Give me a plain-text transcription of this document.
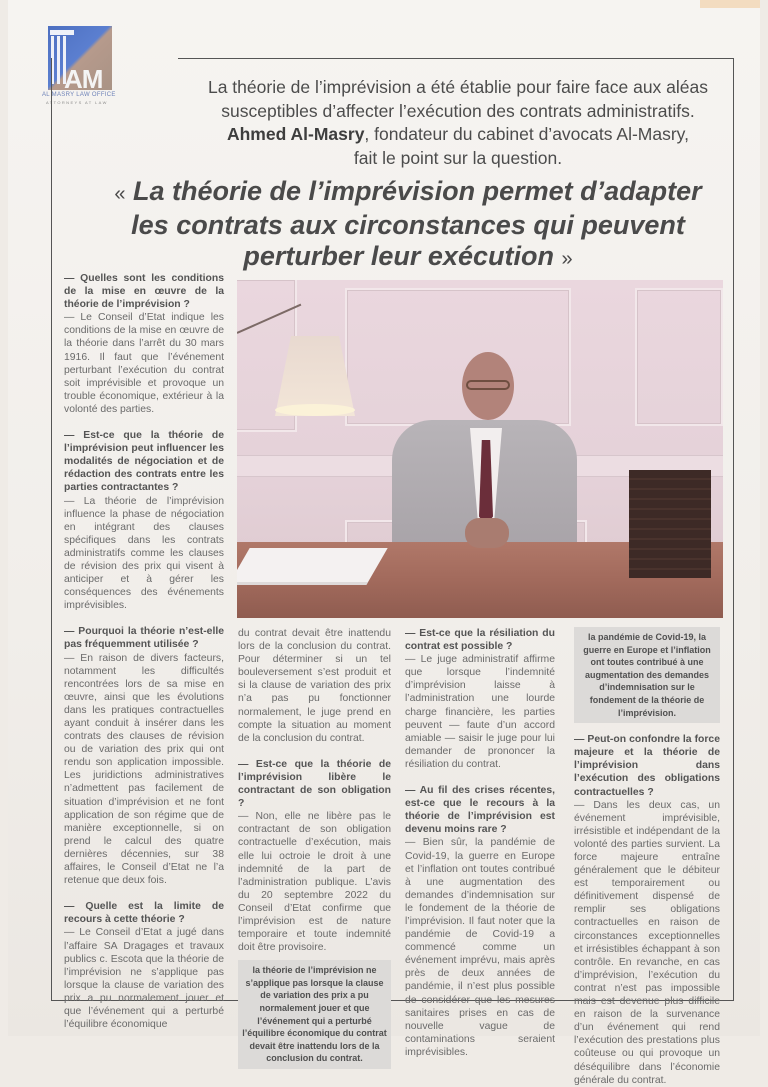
AM
AL MASRY LAW OFFICE
ATTORNEYS AT LAW
La théorie de l’imprévision a été établie pour faire face aux aléas
susceptibles d’affecter l’exécution des contrats administratifs.
Ahmed Al-Masry, fondateur du cabinet d’avocats Al-Masry,
fait le point sur la question.
« La théorie de l’imprévision permet d’adapter
les contrats aux circonstances qui peuvent
perturber leur exécution »

— Quelles sont les conditions de la mise en œuvre de la théorie de l’imprévision ?

— Le Conseil d’Etat indique les conditions de la mise en œuvre de la théorie dans l’arrêt du 30 mars 1916. Il faut que l’événement perturbant l’exécution du contrat soit imprévisible et provoque un trouble économique, extérieur à la volonté des parties.

— Est-ce que la théorie de l’imprévision peut influencer les modalités de négociation et de rédaction des contrats entre les parties contractantes ?

— La théorie de l’imprévision influence la phase de négociation en intégrant des clauses spécifiques dans les contrats administratifs comme les clauses de révision des prix qui visent à anticiper et à gérer les conséquences des événements imprévisibles.

— Pourquoi la théorie n’est-elle pas fréquemment utilisée ?

— En raison de divers facteurs, notamment les difficultés rencontrées lors de sa mise en œuvre, ainsi que les évolutions dans les pratiques contractuelles ayant conduit à insérer dans les contrats des clauses de révision ou de variation des prix qui ont rendu son application impossible. Les juridictions administratives n’admettent pas facilement de situation d’imprévision et ne font application de son régime que de manière exceptionnelle, si on prend le calcul des quatre dernières décennies, sur 38 affaires, le Conseil d’Etat ne l’a retenue que deux fois.

— Quelle est la limite de recours à cette théorie ?

— Le Conseil d’Etat a jugé dans l’affaire SA Dragages et travaux publics c. Escota que la théorie de l’imprévision ne s’applique pas lorsque la clause de variation des prix a pu normalement jouer et que l’événement qui a perturbé l’équilibre économique

du contrat devait être inattendu lors de la conclusion du contrat. Pour déterminer si un tel bouleversement s’est produit et si la clause de variation des prix n’a pas pu fonctionner normalement, le juge prend en compte la situation au moment de la conclusion du contrat.

— Est-ce que la théorie de l’imprévision libère le contractant de son obligation ?

— Non, elle ne libère pas le contractant de son obligation contractuelle d’exécution, mais elle lui octroie le droit à une indemnité de la part de l’administration publique. L’avis du 20 septembre 2022 du Conseil d’Etat confirme que l’imprévision est de nature temporaire et toute indemnité doit être provisoire.

la théorie de l’imprévision ne s’applique pas lorsque la clause de variation des prix a pu normalement jouer et que l’événement qui a perturbé l’équilibre économique du contrat devait être inattendu lors de la conclusion du contrat.

— Est-ce que la résiliation du contrat est possible ?

— Le juge administratif affirme que lorsque l’indemnité d’imprévision laisse à l’administration une lourde charge financière, les parties peuvent — faute d’un accord amiable — saisir le juge pour lui demander de prononcer la résiliation du contrat.

— Au fil des crises récentes, est-ce que le recours à la théorie de l’imprévision est devenu moins rare ?

— Bien sûr, la pandémie de Covid-19, la guerre en Europe et l’inflation ont toutes contribué à une augmentation des demandes d’indemnisation sur le fondement de la théorie de l’imprévision. Il faut noter que la pandémie de Covid-19 a commencé comme un événement imprévu, mais après près de deux années de pandémie, il n’est plus possible de considérer que les mesures sanitaires prises en cas de nouvelle vague de contaminations seraient imprévisibles.

la pandémie de Covid-19, la guerre en Europe et l’inflation ont toutes contribué à une augmentation des demandes d’indemnisation sur le fondement de la théorie de l’imprévision.

— Peut-on confondre la force majeure et la théorie de l’imprévision dans l’exécution des obligations contractuelles ?

— Dans les deux cas, un événement imprévisible, irrésistible et indépendant de la volonté des parties survient. La force majeure entraîne généralement que le débiteur est temporairement ou définitivement dispensé de remplir ses obligations contractuelles en raison de circonstances exceptionnelles et irrésistibles échappant à son contrôle. En revanche, en cas d’imprévision, l’exécution du contrat n’est pas impossible mais est devenue plus difficile en raison de la survenance d’un événement qui rend l’exécution des prestations plus coûteuse ou qui provoque un déséquilibre dans l’économie générale du contrat.
